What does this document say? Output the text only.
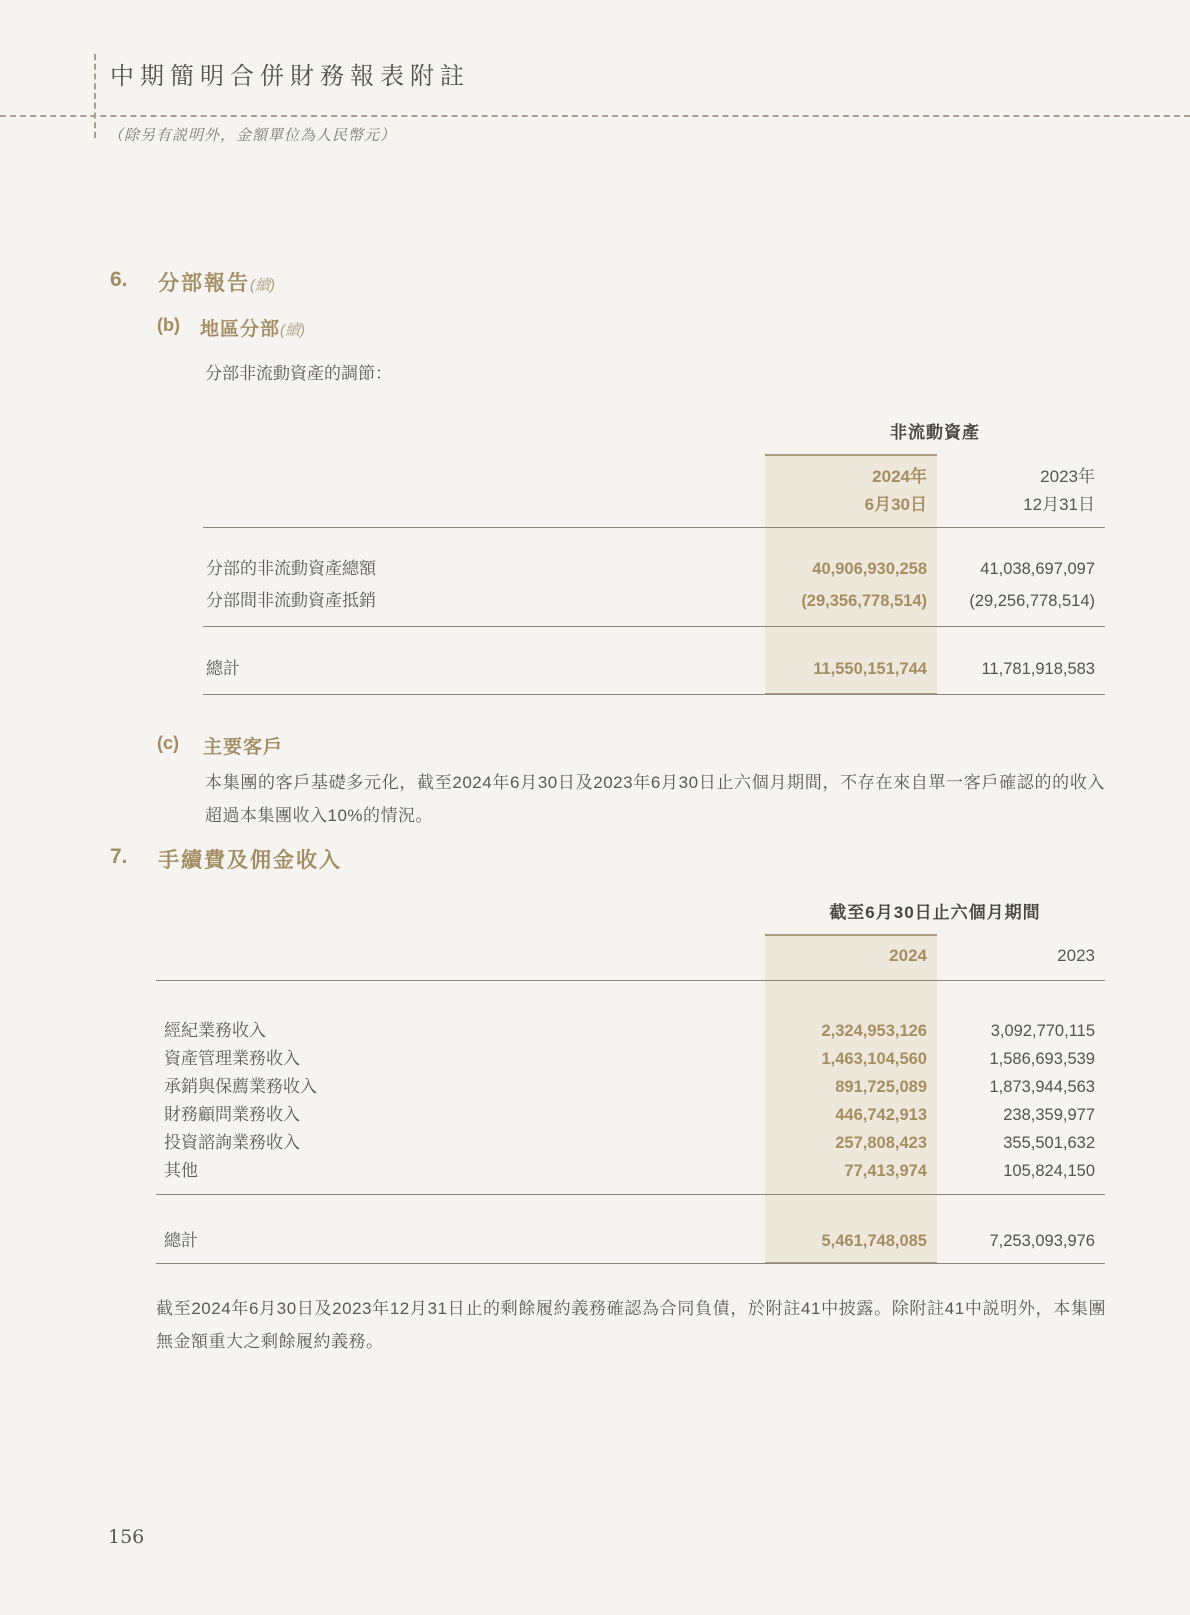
中期簡明合併財務報表附註
（除另有説明外，金額單位為人民幣元）
6. 分部報告(續)
(b) 地區分部(續)
分部非流動資產的調節：
非流動資產
2024年	2023年
6月30日	12月31日
分部的非流動資產總額	40,906,930,258	41,038,697,097
分部間非流動資產抵銷	(29,356,778,514)	(29,256,778,514)
總計	11,550,151,744	11,781,918,583
(c) 主要客戶
本集團的客戶基礎多元化，截至2024年6月30日及2023年6月30日止六個月期間，不存在來自單一客戶確認的的收入超過本集團收入10%的情況。
7. 手續費及佣金收入
截至6月30日止六個月期間
2024	2023
經紀業務收入	2,324,953,126	3,092,770,115
資產管理業務收入	1,463,104,560	1,586,693,539
承銷與保薦業務收入	891,725,089	1,873,944,563
財務顧問業務收入	446,742,913	238,359,977
投資諮詢業務收入	257,808,423	355,501,632
其他	77,413,974	105,824,150
總計	5,461,748,085	7,253,093,976
截至2024年6月30日及2023年12月31日止的剩餘履約義務確認為合同負債，於附註41中披露。除附註41中説明外，本集團無金額重大之剩餘履約義務。
156
